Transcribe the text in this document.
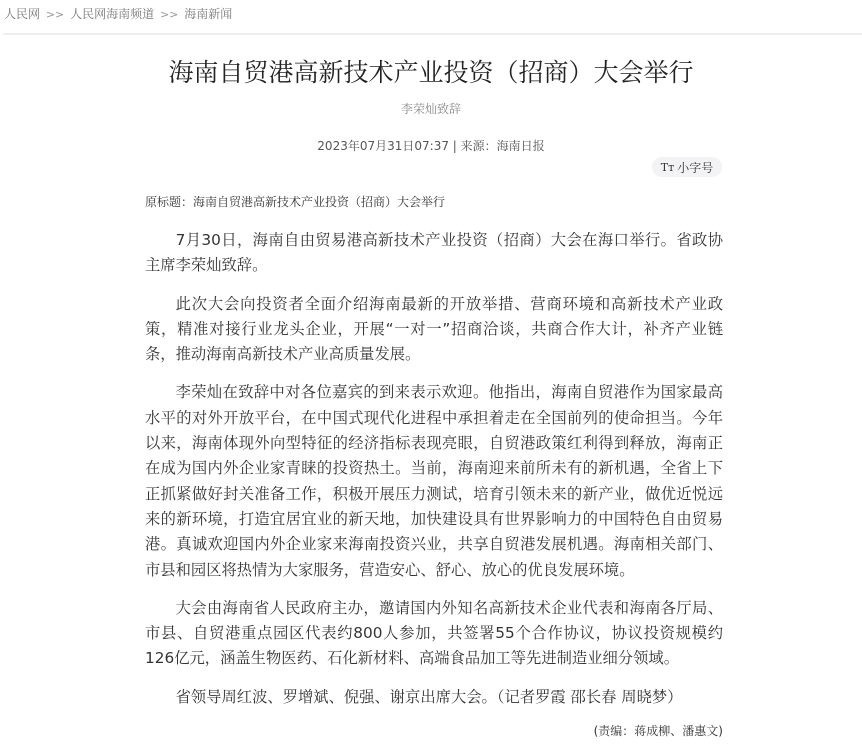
人民网 >> 人民网海南频道 >> 海南新闻
海南自贸港高新技术产业投资（招商）大会举行
李荣灿致辞
2023年07月31日07:37 | 来源：海南日报
Tт 小字号
原标题：海南自贸港高新技术产业投资（招商）大会举行

7月30日，海南自由贸易港高新技术产业投资（招商）大会在海口举行。省政协主席李荣灿致辞。

此次大会向投资者全面介绍海南最新的开放举措、营商环境和高新技术产业政策，精准对接行业龙头企业，开展“一对一”招商洽谈，共商合作大计，补齐产业链条，推动海南高新技术产业高质量发展。

李荣灿在致辞中对各位嘉宾的到来表示欢迎。他指出，海南自贸港作为国家最高水平的对外开放平台，在中国式现代化进程中承担着走在全国前列的使命担当。今年以来，海南体现外向型特征的经济指标表现亮眼，自贸港政策红利得到释放，海南正在成为国内外企业家青睐的投资热土。当前，海南迎来前所未有的新机遇，全省上下正抓紧做好封关准备工作，积极开展压力测试，培育引领未来的新产业，做优近悦远来的新环境，打造宜居宜业的新天地，加快建设具有世界影响力的中国特色自由贸易港。真诚欢迎国内外企业家来海南投资兴业，共享自贸港发展机遇。海南相关部门、市县和园区将热情为大家服务，营造安心、舒心、放心的优良发展环境。

大会由海南省人民政府主办，邀请国内外知名高新技术企业代表和海南各厅局、市县、自贸港重点园区代表约800人参加，共签署55个合作协议，协议投资规模约126亿元，涵盖生物医药、石化新材料、高端食品加工等先进制造业细分领域。

省领导周红波、罗增斌、倪强、谢京出席大会。（记者罗霞 邵长春 周晓梦）

(责编：蒋成柳、潘惠文)
